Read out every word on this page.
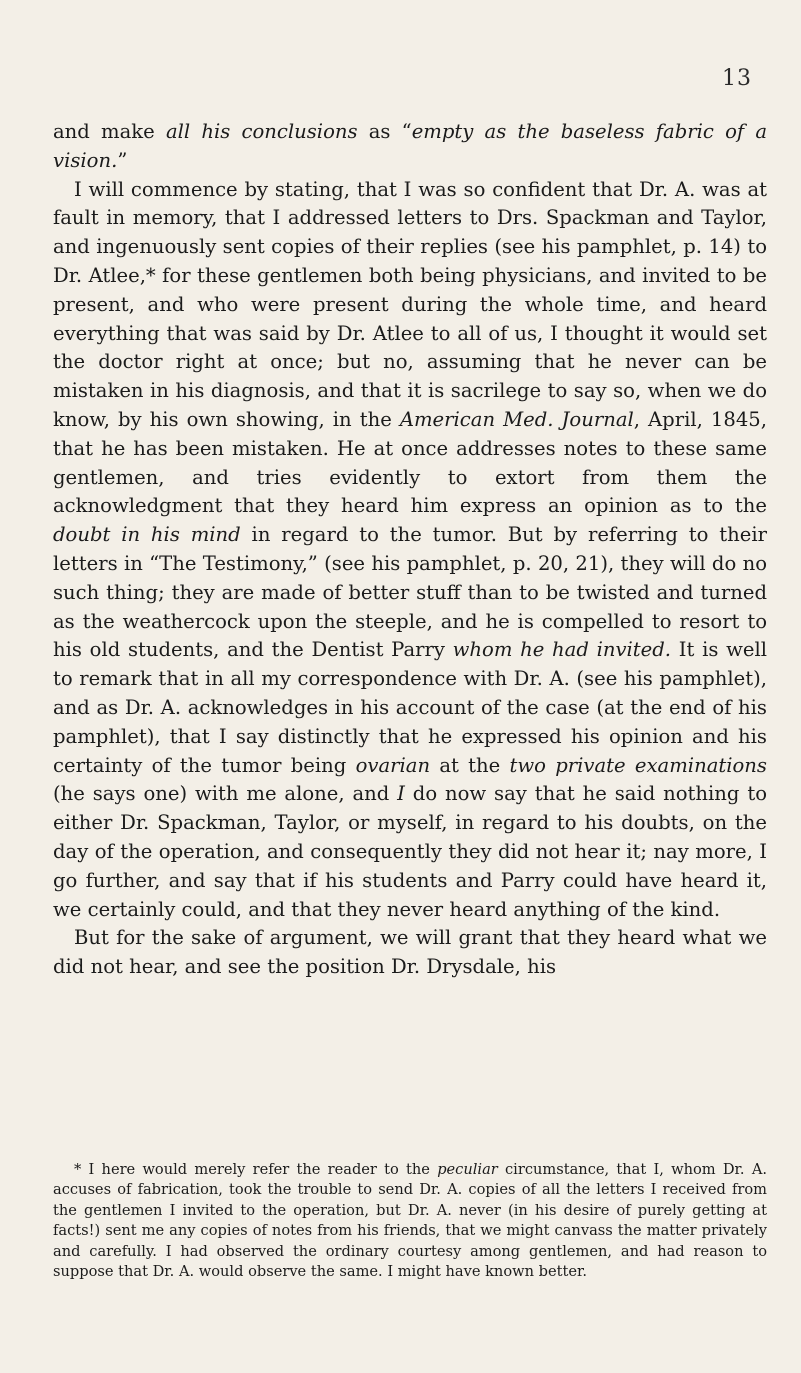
13

and make all his conclusions as “empty as the baseless fabric of a vision.”

I will commence by stating, that I was so confident that Dr. A. was at fault in memory, that I addressed letters to Drs. Spackman and Taylor, and ingenuously sent copies of their replies (see his pamphlet, p. 14) to Dr. Atlee,* for these gentlemen both being physicians, and invited to be present, and who were present during the whole time, and heard everything that was said by Dr. Atlee to all of us, I thought it would set the doctor right at once; but no, assuming that he never can be mistaken in his diagnosis, and that it is sacrilege to say so, when we do know, by his own showing, in the American Med. Journal, April, 1845, that he has been mistaken. He at once addresses notes to these same gentlemen, and tries evidently to extort from them the acknowledgment that they heard him express an opinion as to the doubt in his mind in regard to the tumor. But by referring to their letters in “The Testimony,” (see his pamphlet, p. 20, 21), they will do no such thing; they are made of better stuff than to be twisted and turned as the weathercock upon the steeple, and he is compelled to resort to his old students, and the Dentist Parry whom he had invited. It is well to remark that in all my correspondence with Dr. A. (see his pamphlet), and as Dr. A. acknowledges in his account of the case (at the end of his pamphlet), that I say distinctly that he expressed his opinion and his certainty of the tumor being ovarian at the two private examinations (he says one) with me alone, and I do now say that he said nothing to either Dr. Spackman, Taylor, or myself, in regard to his doubts, on the day of the operation, and consequently they did not hear it; nay more, I go further, and say that if his students and Parry could have heard it, we certainly could, and that they never heard anything of the kind.

But for the sake of argument, we will grant that they heard what we did not hear, and see the position Dr. Drysdale, his

* I here would merely refer the reader to the peculiar circumstance, that I, whom Dr. A. accuses of fabrication, took the trouble to send Dr. A. copies of all the letters I received from the gentlemen I invited to the operation, but Dr. A. never (in his desire of purely getting at facts!) sent me any copies of notes from his friends, that we might canvass the matter privately and carefully. I had observed the ordinary courtesy among gentlemen, and had reason to suppose that Dr. A. would observe the same. I might have known better.
